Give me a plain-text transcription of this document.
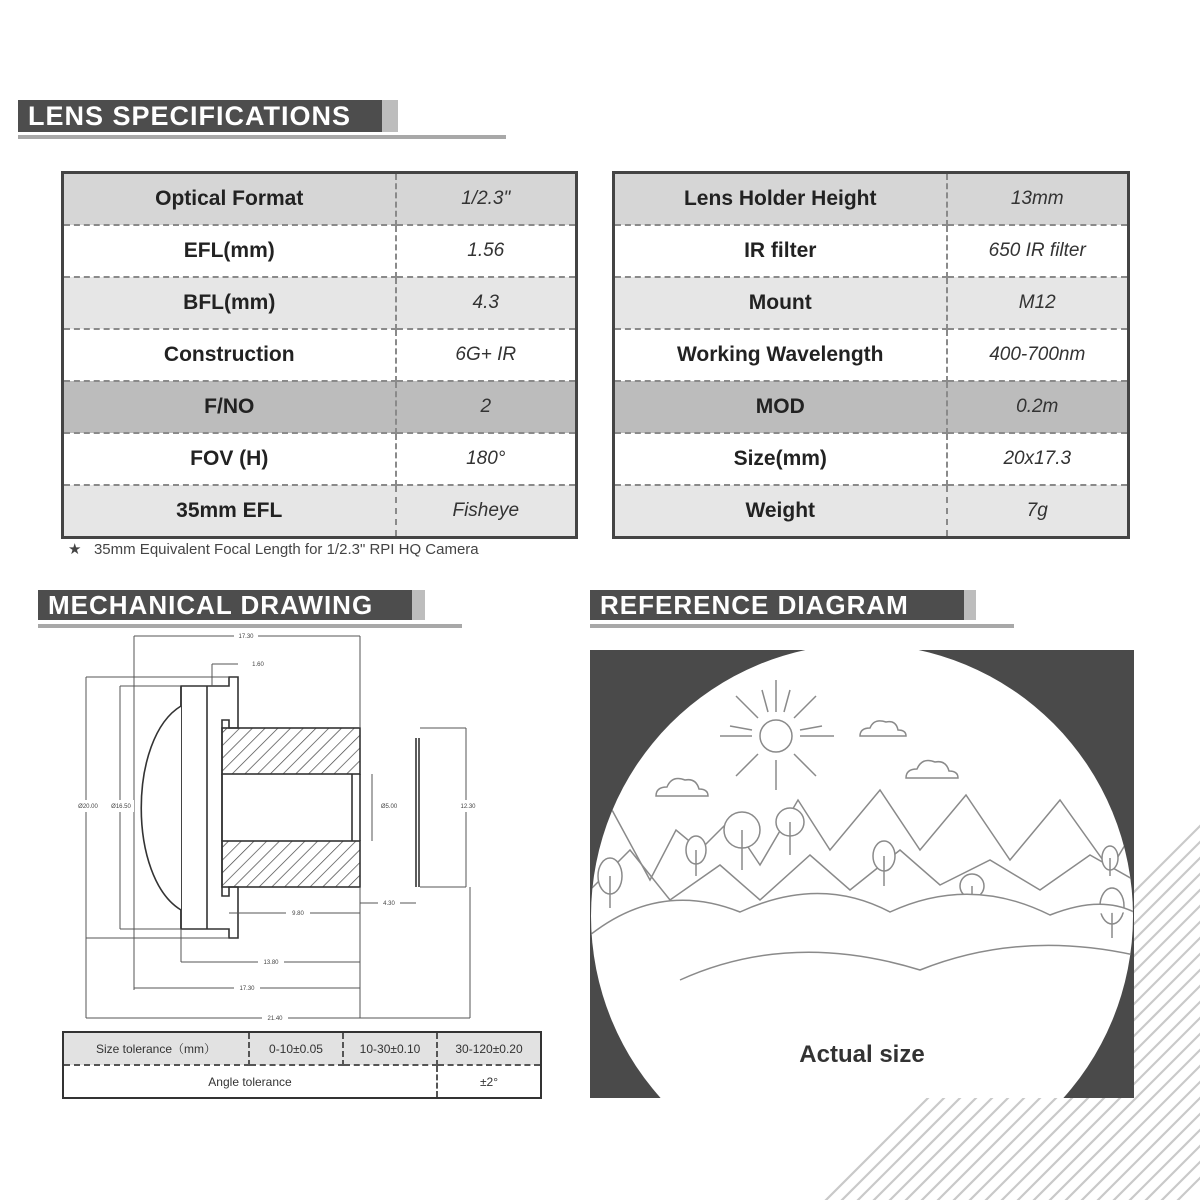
LENS SPECIFICATIONS
MECHANICAL DRAWING	REFERENCE DIAGRAM
Optical Format	1/2.3"
EFL(mm)	1.56
BFL(mm)	4.3
Construction	6G+ IR
F/NO	2
FOV (H)	180°
35mm EFL	Fisheye
Lens Holder Height	13mm
IR filter	650 IR filter
Mount	M12
Working Wavelength	400-700nm
MOD	0.2m
Size(mm)	20x17.3
Weight	7g
★ 35mm Equivalent Focal Length for 1/2.3" RPI HQ Camera
17.30
1.60
Ø20.00 Ø16.50	Ø5.00	12.30
4.30
9.80
13.80
17.30
21.40
Size tolerance（mm）	0-10±0.05	10-30±0.10	30-120±0.20
Angle tolerance			±2°
Actual size
